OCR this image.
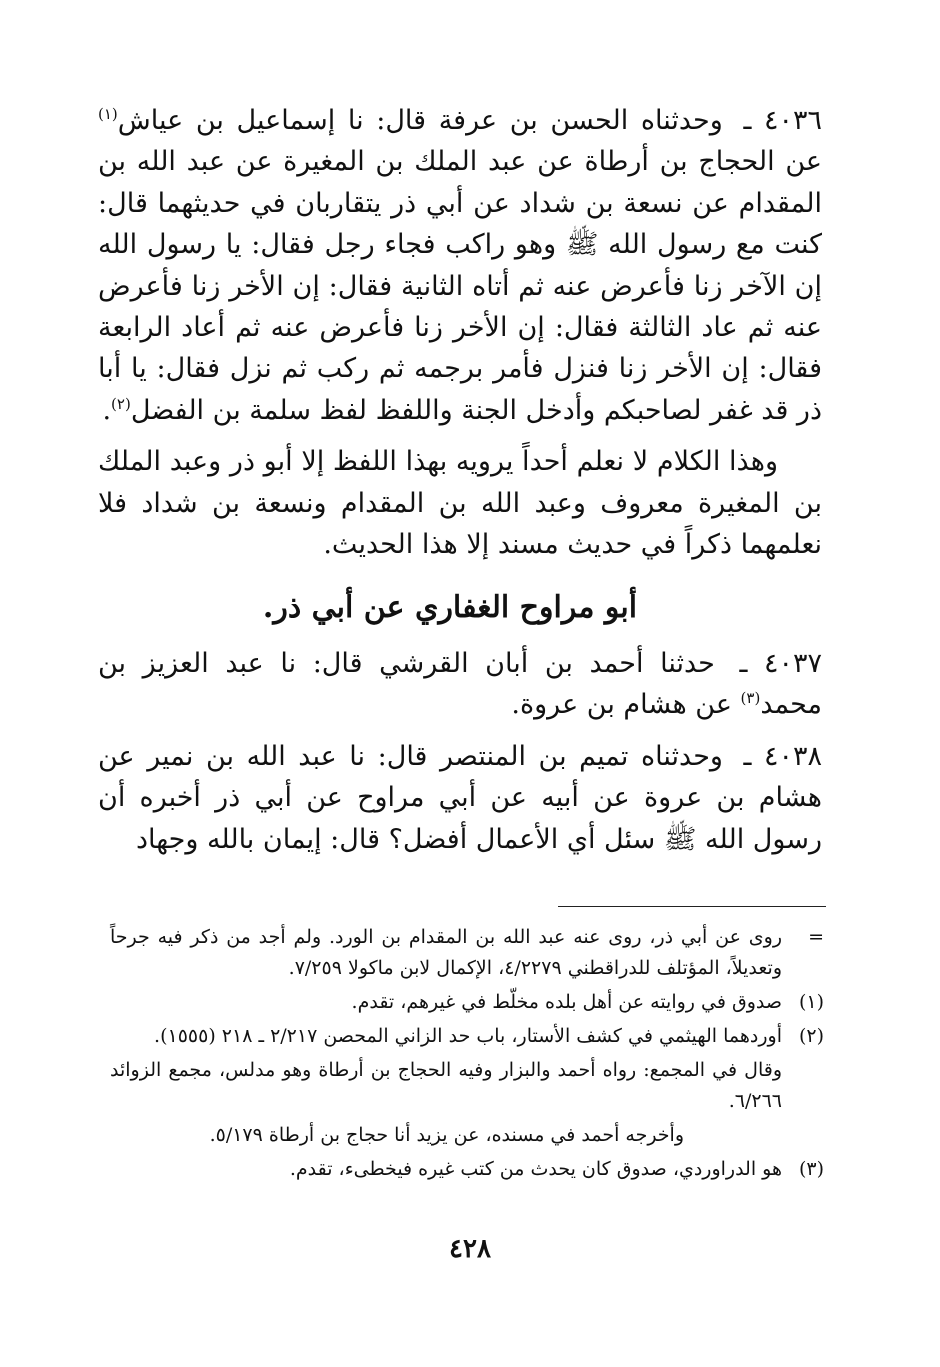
٤٠٣٦ ـ وحدثناه الحسن بن عرفة قال: نا إسماعيل بن عياش$^{(١)}$ عن الحجاج بن أرطاة عن عبد الملك بن المغيرة عن عبد الله بن المقدام عن نسعة بن شداد عن أبي ذر يتقاربان في حديثهما قال: كنت مع رسول الله ﷺ وهو راكب فجاء رجل فقال: يا رسول الله إن الآخر زنا فأعرض عنه ثم أتاه الثانية فقال: إن الأخر زنا فأعرض عنه ثم عاد الثالثة فقال: إن الأخر زنا فأعرض عنه ثم أعاد الرابعة فقال: إن الأخر زنا فنزل فأمر برجمه ثم ركب ثم نزل فقال: يا أبا ذر قد غفر لصاحبكم وأدخل الجنة واللفظ لفظ سلمة بن الفضل$^{(٢)}$.

وهذا الكلام لا نعلم أحداً يرويه بهذا اللفظ إلا أبو ذر وعبد الملك بن المغيرة معروف وعبد الله بن المقدام ونسعة بن شداد فلا نعلمهما ذكراً في حديث مسند إلا هذا الحديث.

أبو مراوح الغفاري عن أبي ذر.

٤٠٣٧ ـ حدثنا أحمد بن أبان القرشي قال: نا عبد العزيز بن محمد$^{(٣)}$ عن هشام بن عروة.

٤٠٣٨ ـ وحدثناه تميم بن المنتصر قال: نا عبد الله بن نمير عن هشام بن عروة عن أبيه عن أبي مراوح عن أبي ذر أخبره أن رسول الله ﷺ سئل أي الأعمال أفضل؟ قال: إيمان بالله وجهاد

=
روى عن أبي ذر، روى عنه عبد الله بن المقدام بن الورد. ولم أجد من ذكر فيه جرحاً وتعديلاً، المؤتلف للدراقطني ٤/٢٢٧٩، الإكمال لابن ماكولا ٧/٢٥٩.
(١)
صدوق في روايته عن أهل بلده مخلّط في غيرهم، تقدم.
(٢)
أوردهما الهيثمي في كشف الأستار، باب حد الزاني المحصن ٢/٢١٧ ـ ٢١٨ (١٥٥٥).
وقال في المجمع: رواه أحمد والبزار وفيه الحجاج بن أرطاة وهو مدلس، مجمع الزوائد ٦/٢٦٦.
وأخرجه أحمد في مسنده، عن يزيد أنا حجاج بن أرطاة ٥/١٧٩.
(٣)
هو الدراوردي، صدوق كان يحدث من كتب غيره فيخطىء، تقدم.
٤٢٨
